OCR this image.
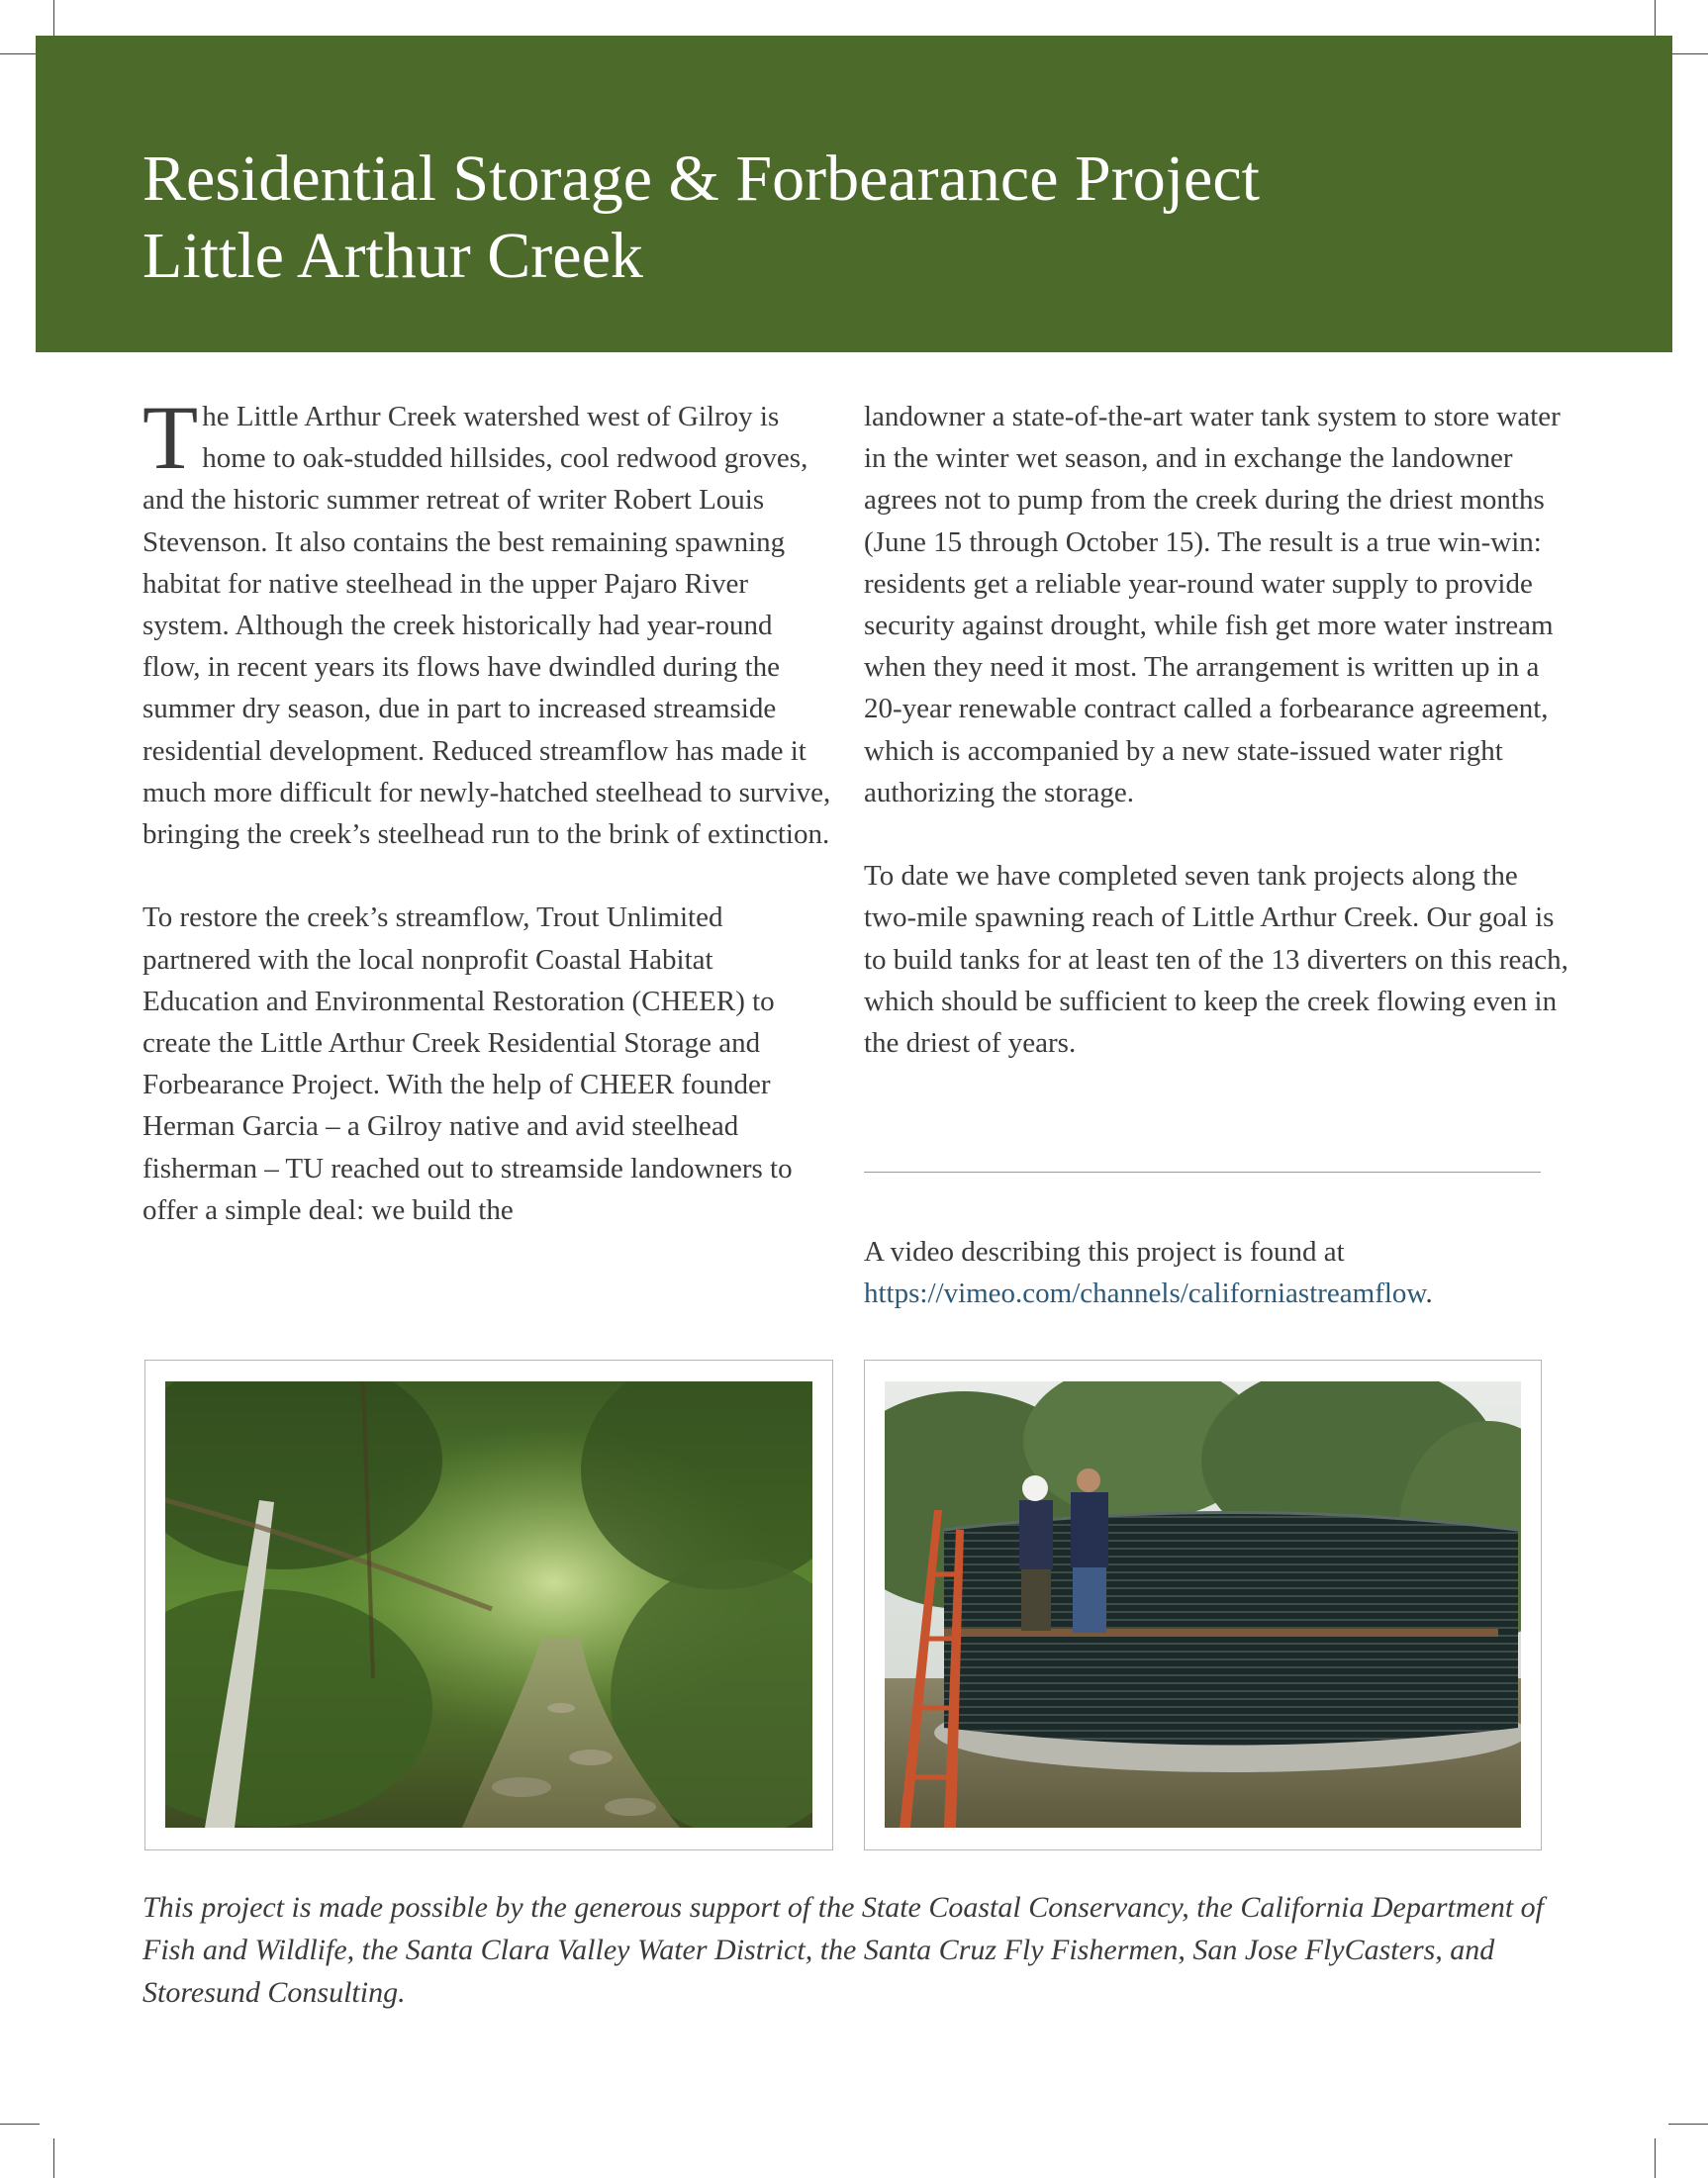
Residential Storage & Forbearance Project
Little Arthur Creek

The Little Arthur Creek watershed west of Gilroy is home to oak-studded hillsides, cool redwood groves, and the historic summer retreat of writer Robert Louis Stevenson. It also contains the best remaining spawning habitat for native steelhead in the upper Pajaro River system. Although the creek historically had year-round flow, in recent years its flows have dwindled during the summer dry season, due in part to increased streamside residential development. Reduced streamflow has made it much more difficult for newly-hatched steelhead to survive, bringing the creek’s steelhead run to the brink of extinction.

To restore the creek’s streamflow, Trout Unlimited partnered with the local nonprofit Coastal Habitat Education and Environmental Restoration (CHEER) to create the Little Arthur Creek Residential Storage and Forbearance Project. With the help of CHEER founder Herman Garcia – a Gilroy native and avid steelhead fisherman – TU reached out to streamside landowners to offer a simple deal: we build the

landowner a state-of-the-art water tank system to store water in the winter wet season, and in exchange the landowner agrees not to pump from the creek during the driest months (June 15 through October 15). The result is a true win-win: residents get a reliable year-round water supply to provide security against drought, while fish get more water instream when they need it most. The arrangement is written up in a 20-year renewable contract called a forbearance agreement, which is accompanied by a new state-issued water right authorizing the storage.

To date we have completed seven tank projects along the two-mile spawning reach of Little Arthur Creek. Our goal is to build tanks for at least ten of the 13 diverters on this reach, which should be sufficient to keep the creek flowing even in the driest of years.

A video describing this project is found at
https://vimeo.com/channels/californiastreamflow.

This project is made possible by the generous support of the State Coastal Conservancy, the California Department of Fish and Wildlife, the Santa Clara Valley Water District, the Santa Cruz Fly Fishermen, San Jose FlyCasters, and Storesund Consulting.
